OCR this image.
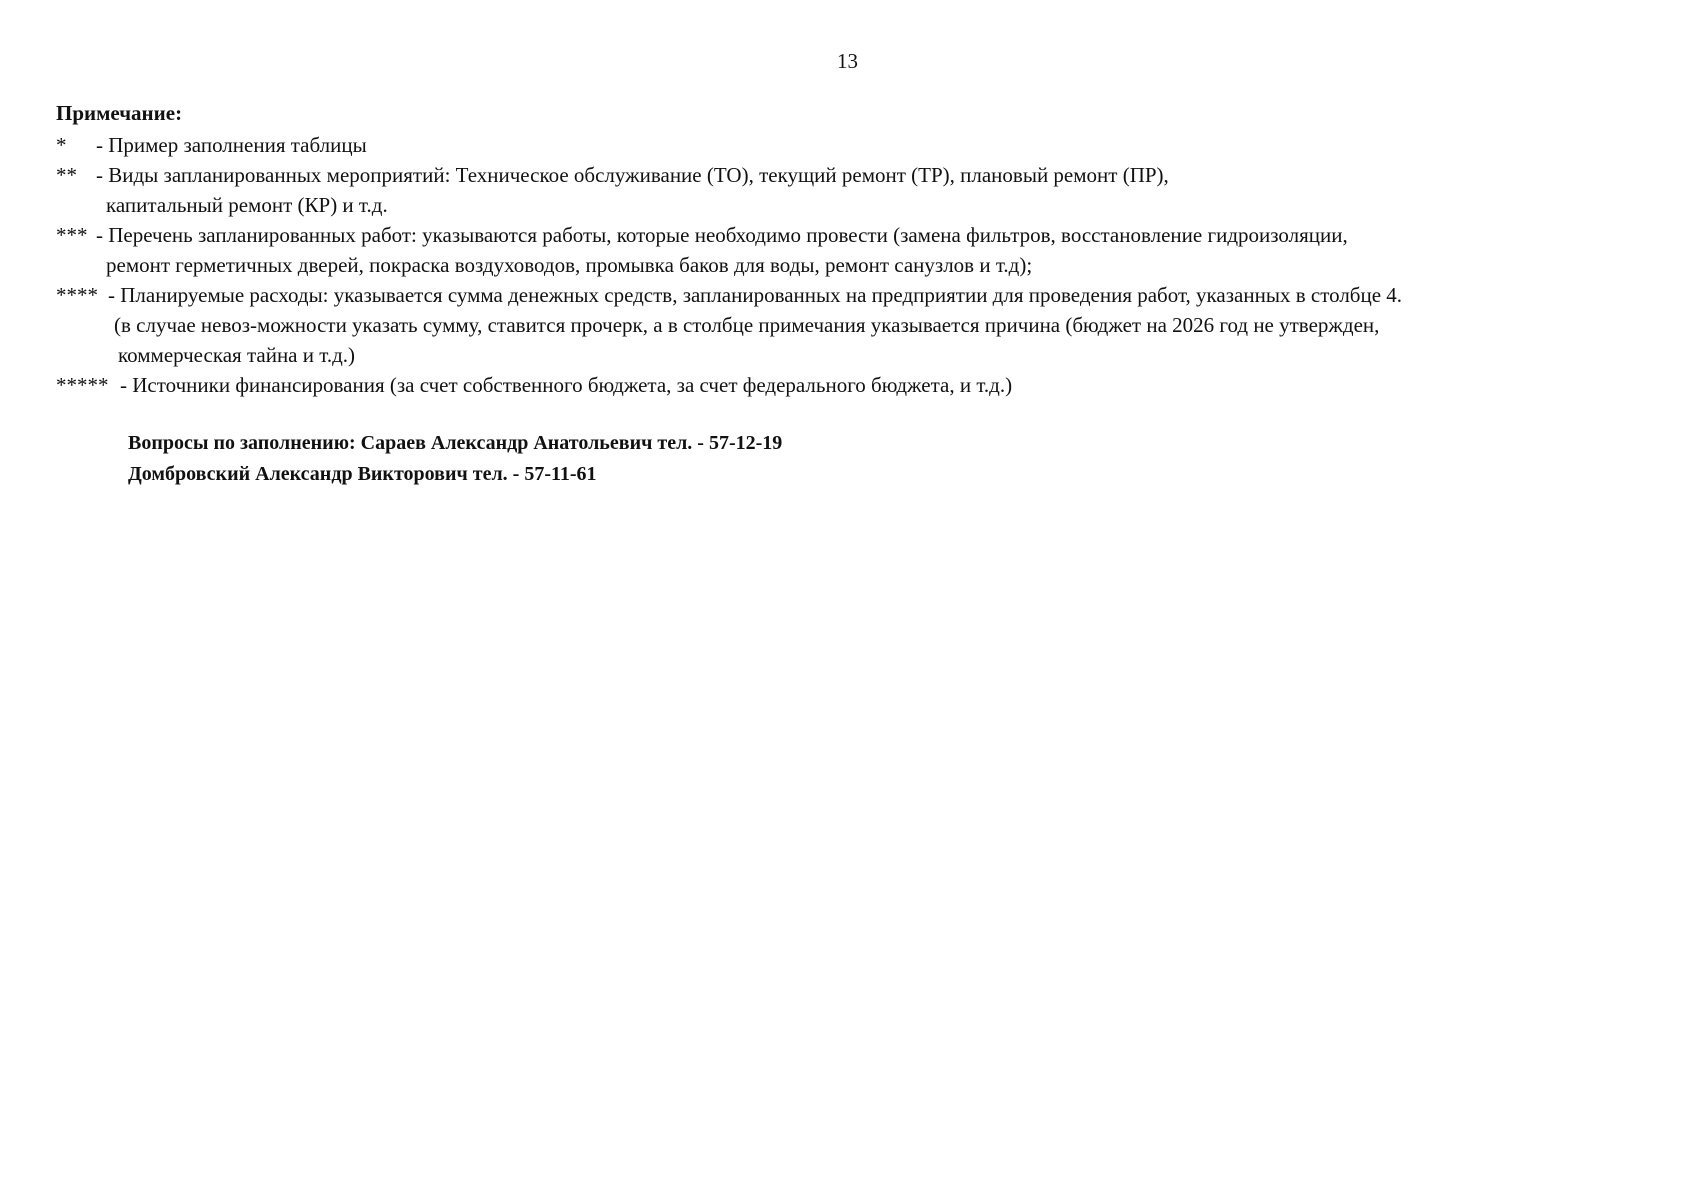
13

Примечание:

* - Пример заполнения таблицы

** - Виды запланированных мероприятий: Техническое обслуживание (ТО), текущий ремонт (ТР), плановый ремонт (ПР),

капитальный ремонт (КР) и т.д.

*** - Перечень запланированных работ: указываются работы, которые необходимо провести (замена фильтров, восстановление гидроизоляции,

ремонт герметичных дверей, покраска воздуховодов, промывка баков для воды, ремонт санузлов и т.д);

**** - Планируемые расходы: указывается сумма денежных средств, запланированных на предприятии для проведения работ, указанных в столбце 4.

(в случае невоз-можности указать сумму, ставится прочерк, а в столбце примечания указывается причина (бюджет на 2026 год не утвержден,

коммерческая тайна и т.д.)

***** - Источники финансирования (за счет собственного бюджета, за счет федерального бюджета, и т.д.)

Вопросы по заполнению: Сараев Александр Анатольевич тел. - 57-12-19

Домбровский Александр Викторович тел. - 57-11-61
